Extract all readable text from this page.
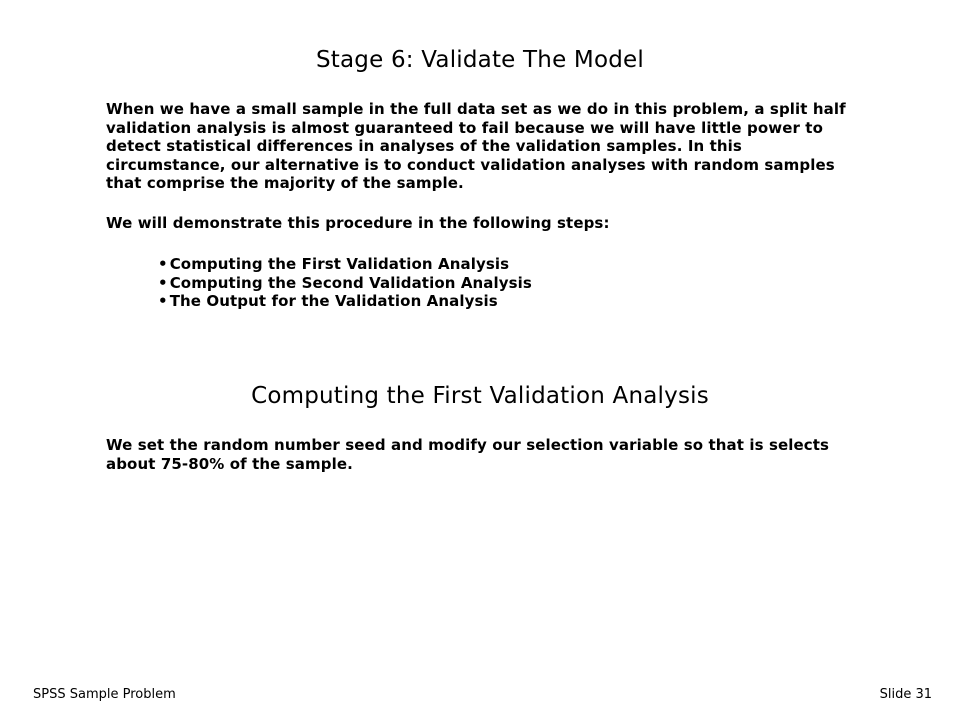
Stage 6: Validate The Model

When we have a small sample in the full data set as we do in this problem, a split half validation analysis is almost guaranteed to fail because we will have little power to detect statistical differences in analyses of the validation samples. In this circumstance, our alternative is to conduct validation analyses with random samples that comprise the majority of the sample.

We will demonstrate this procedure in the following steps:

• Computing the First Validation Analysis
• Computing the Second Validation Analysis
• The Output for the Validation Analysis
Computing the First Validation Analysis

We set the random number seed and modify our selection variable so that is selects about 75-80% of the sample.

SPSS Sample Problem	Slide 31
